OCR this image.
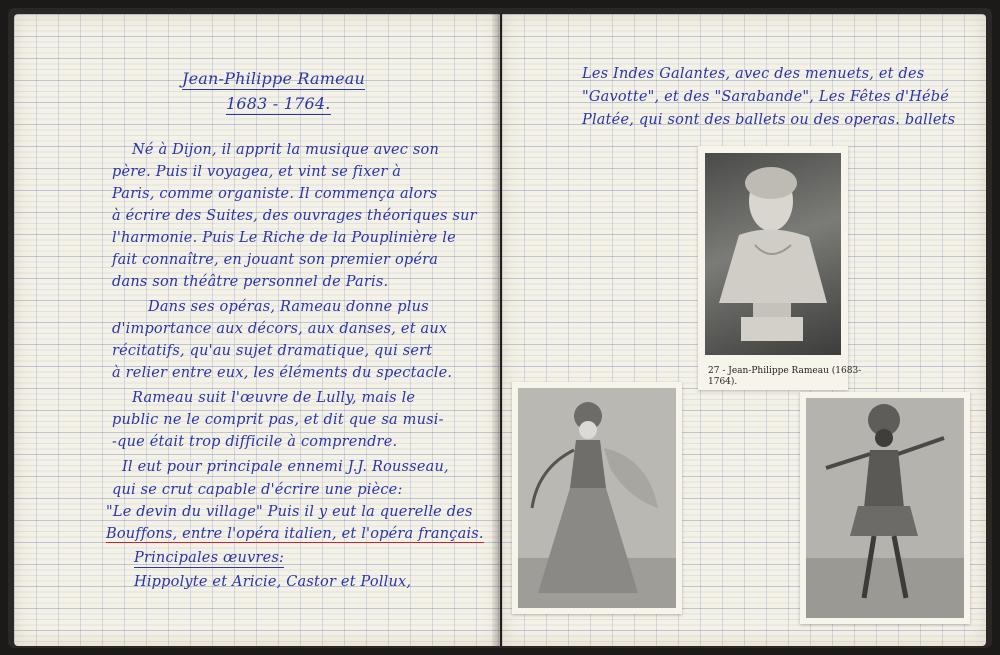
Jean-Philippe Rameau
1683 - 1764.
Né à Dijon, il apprit la musique avec son
père. Puis il voyagea, et vint se fixer à
Paris, comme organiste. Il commença alors
à écrire des Suites, des ouvrages théoriques sur
l'harmonie. Puis Le Riche de la Pouplinière le
fait connaître, en jouant son premier opéra
dans son théâtre personnel de Paris.
Dans ses opéras, Rameau donne plus
d'importance aux décors, aux danses, et aux
récitatifs, qu'au sujet dramatique, qui sert
à relier entre eux, les éléments du spectacle.
Rameau suit l'œuvre de Lully, mais le
public ne le comprit pas, et dit que sa musi-
-que était trop difficile à comprendre.
Il eut pour principale ennemi J.J. Rousseau,
qui se crut capable d'écrire une pièce:
"Le devin du village" Puis il y eut la querelle des
Bouffons, entre l'opéra italien, et l'opéra français.
Principales œuvres:
Hippolyte et Aricie, Castor et Pollux,
Les Indes Galantes, avec des menuets, et des
"Gavotte", et des "Sarabande", Les Fêtes d'Hébé
Platée, qui sont des ballets ou des operas. ballets
27 - Jean-Philippe Rameau (1683-
1764).
